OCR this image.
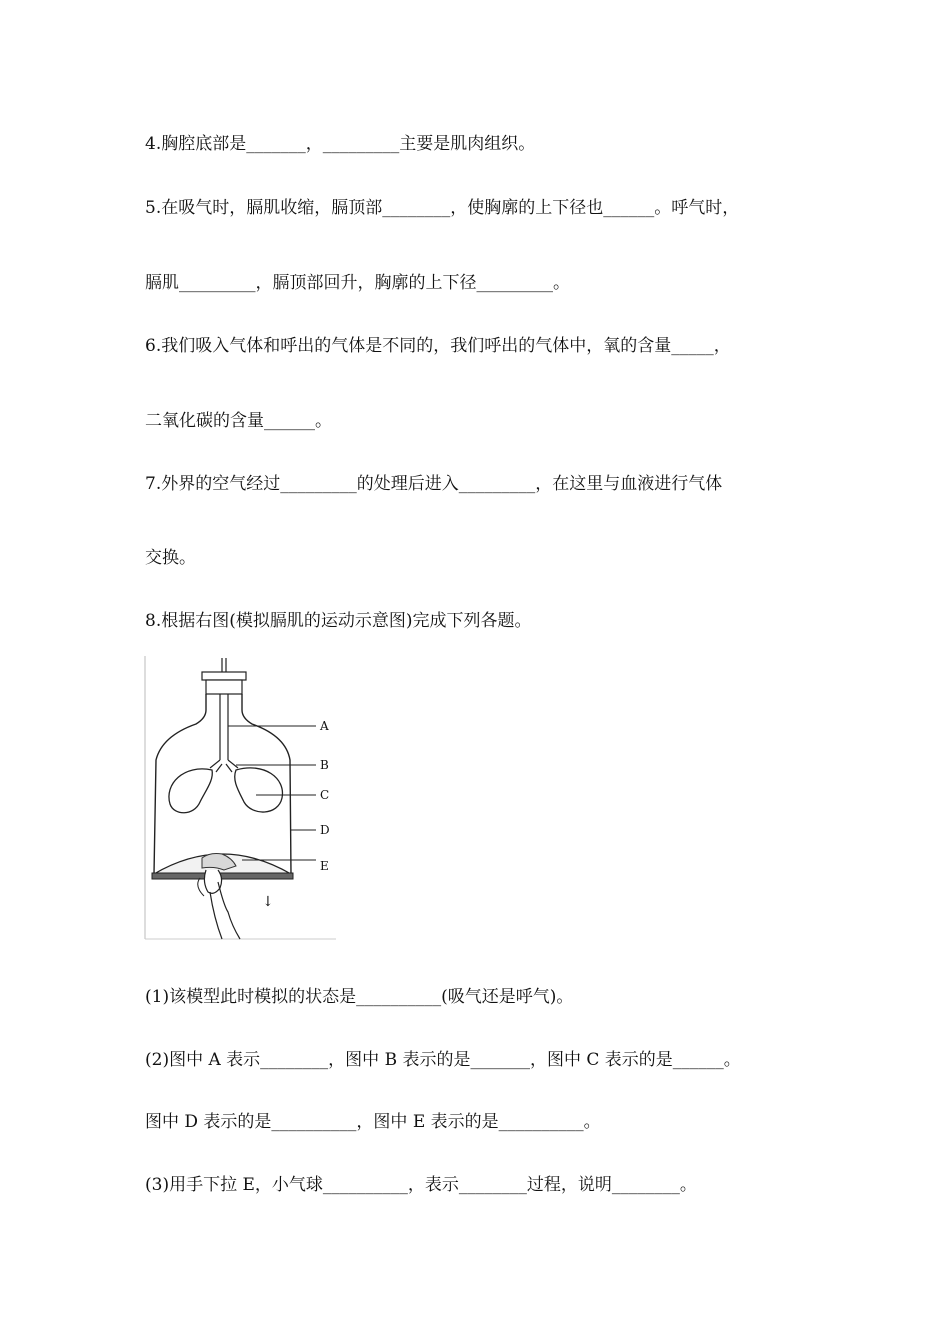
4.胸腔底部是_______，_________主要是肌肉组织。
5.在吸气时，膈肌收缩，膈顶部________，使胸廓的上下径也______。呼气时，
膈肌_________，膈顶部回升，胸廓的上下径_________。
6.我们吸入气体和呼出的气体是不同的，我们呼出的气体中，氧的含量_____，
二氧化碳的含量______。
7.外界的空气经过_________的处理后进入_________，在这里与血液进行气体
交换。
8.根据右图(模拟膈肌的运动示意图)完成下列各题。
A
B
C
D
E
↓
(1)该模型此时模拟的状态是__________(吸气还是呼气)。
(2)图中 A 表示________，图中 B 表示的是_______，图中 C 表示的是______。
图中 D 表示的是__________，图中 E 表示的是__________。
(3)用手下拉 E，小气球__________，表示________过程，说明________。
